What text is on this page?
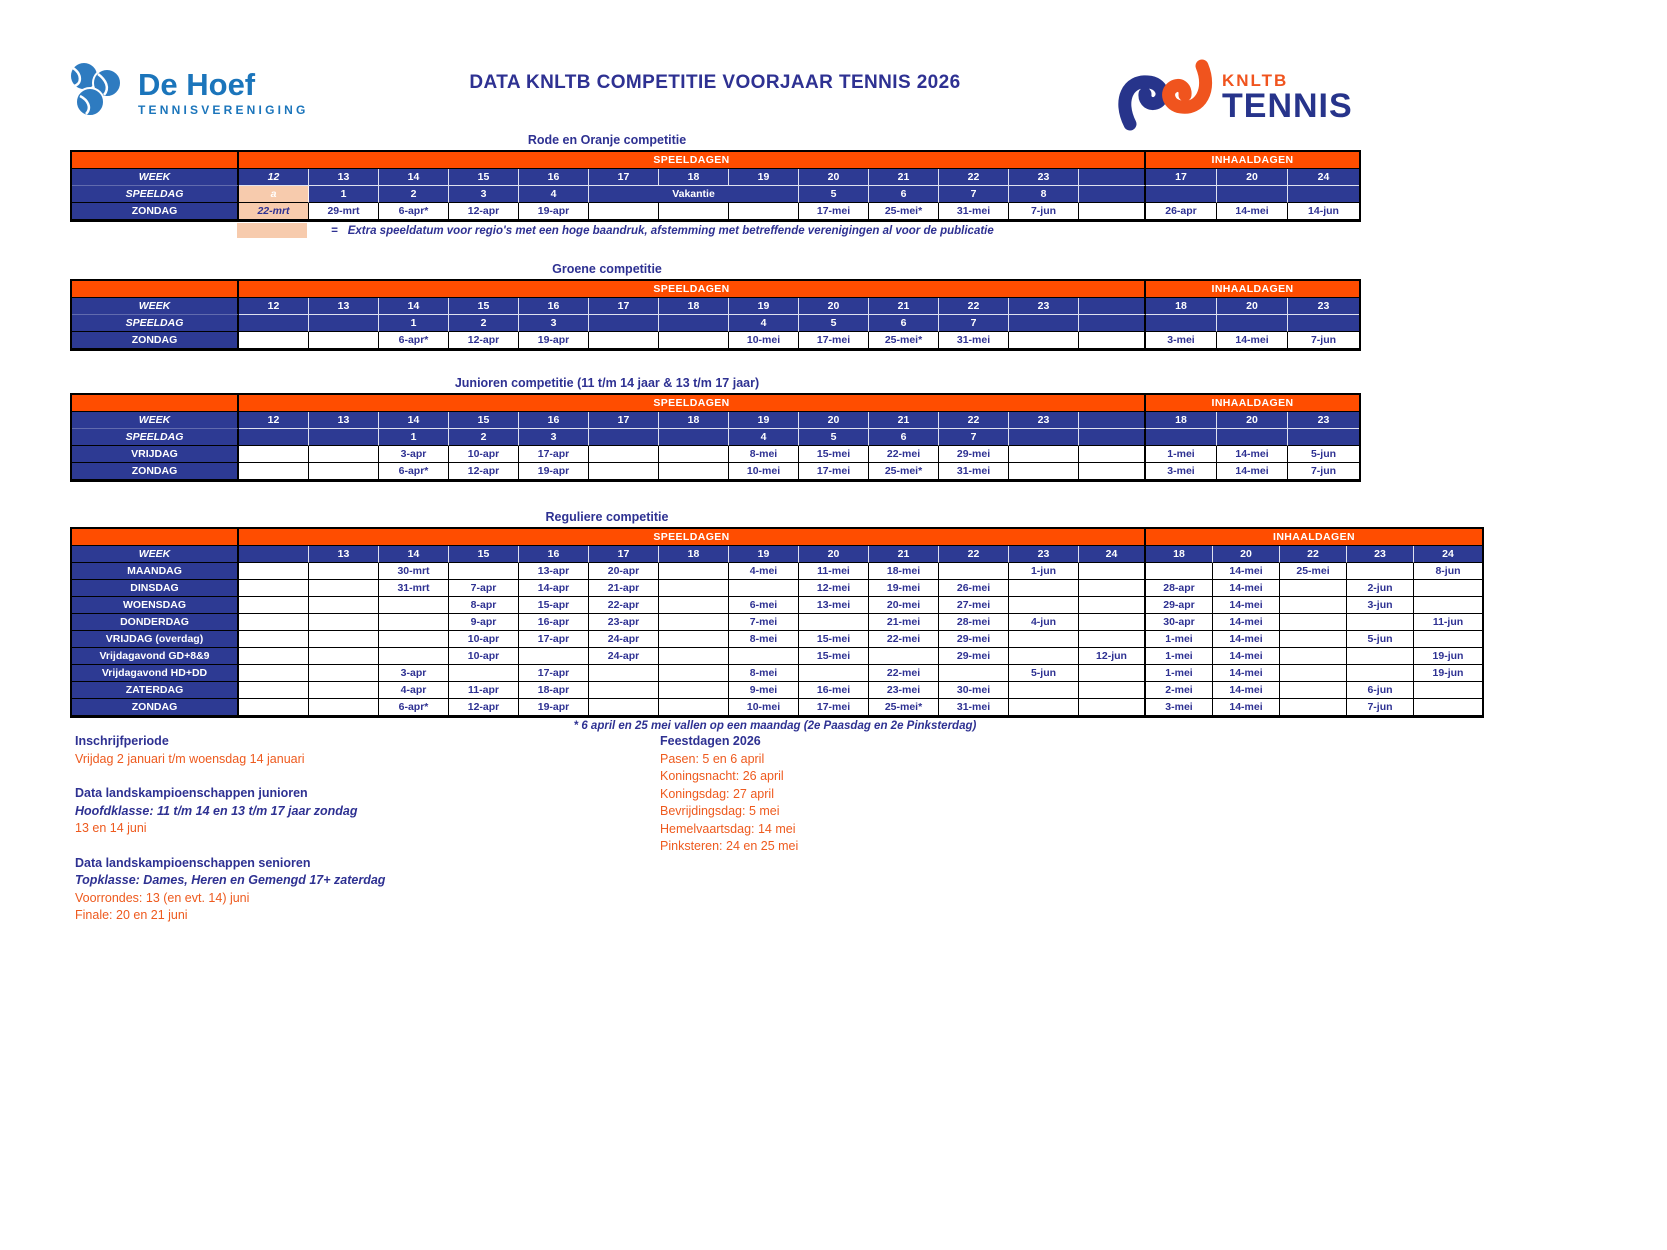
De Hoef
TENNISVERENIGING
DATA KNLTB COMPETITIE VOORJAAR TENNIS 2026	KNLTB
TENNIS
Rode en Oranje competitie
	SPEELDAGEN													INHAALDAGEN		
WEEK	12	13	14	15	16	17	18	19	20	21	22	23		17	20	24
SPEELDAG	a	1	2	3	4	Vakantie			5	6	7	8				
ZONDAG	22-mrt	29-mrt	6-apr*	12-apr	19-apr				17-mei	25-mei*	31-mei	7-jun		26-apr	14-mei	14-jun
= Extra speeldatum voor regio's met een hoge baandruk, afstemming met betreffende verenigingen al voor de publicatie
Groene competitie
	SPEELDAGEN													INHAALDAGEN		
WEEK	12	13	14	15	16	17	18	19	20	21	22	23		18	20	23
SPEELDAG			1	2	3			4	5	6	7					
ZONDAG			6-apr*	12-apr	19-apr			10-mei	17-mei	25-mei*	31-mei			3-mei	14-mei	7-jun
Junioren competitie (11 t/m 14 jaar & 13 t/m 17 jaar)
	SPEELDAGEN													INHAALDAGEN		
WEEK	12	13	14	15	16	17	18	19	20	21	22	23		18	20	23
SPEELDAG			1	2	3			4	5	6	7					
VRIJDAG			3-apr	10-apr	17-apr			8-mei	15-mei	22-mei	29-mei			1-mei	14-mei	5-jun
ZONDAG			6-apr*	12-apr	19-apr			10-mei	17-mei	25-mei*	31-mei			3-mei	14-mei	7-jun
Reguliere competitie
	SPEELDAGEN													INHAALDAGEN				
WEEK		13	14	15	16	17	18	19	20	21	22	23	24	18	20	22	23	24
MAANDAG			30-mrt		13-apr	20-apr		4-mei	11-mei	18-mei		1-jun			14-mei	25-mei		8-jun
DINSDAG			31-mrt	7-apr	14-apr	21-apr			12-mei	19-mei	26-mei			28-apr	14-mei		2-jun	
WOENSDAG				8-apr	15-apr	22-apr		6-mei	13-mei	20-mei	27-mei			29-apr	14-mei		3-jun	
DONDERDAG				9-apr	16-apr	23-apr		7-mei		21-mei	28-mei	4-jun		30-apr	14-mei			11-jun
VRIJDAG (overdag)				10-apr	17-apr	24-apr		8-mei	15-mei	22-mei	29-mei			1-mei	14-mei		5-jun	
Vrijdagavond GD+8&9				10-apr		24-apr			15-mei		29-mei		12-jun	1-mei	14-mei			19-jun
Vrijdagavond HD+DD			3-apr		17-apr			8-mei		22-mei		5-jun		1-mei	14-mei			19-jun
ZATERDAG			4-apr	11-apr	18-apr			9-mei	16-mei	23-mei	30-mei			2-mei	14-mei		6-jun	
ZONDAG			6-apr*	12-apr	19-apr			10-mei	17-mei	25-mei*	31-mei			3-mei	14-mei		7-jun	
* 6 april en 25 mei vallen op een maandag (2e Paasdag en 2e Pinksterdag)
Inschrijfperiode
Vrijdag 2 januari t/m woensdag 14 januari
Data landskampioenschappen junioren
Hoofdklasse: 11 t/m 14 en 13 t/m 17 jaar zondag
13 en 14 juni
Data landskampioenschappen senioren
Topklasse: Dames, Heren en Gemengd 17+ zaterdag
Voorrondes: 13 (en evt. 14) juni
Finale: 20 en 21 juni
Feestdagen 2026
Pasen: 5 en 6 april
Koningsnacht: 26 april
Koningsdag: 27 april
Bevrijdingsdag: 5 mei
Hemelvaartsdag: 14 mei
Pinksteren: 24 en 25 mei
